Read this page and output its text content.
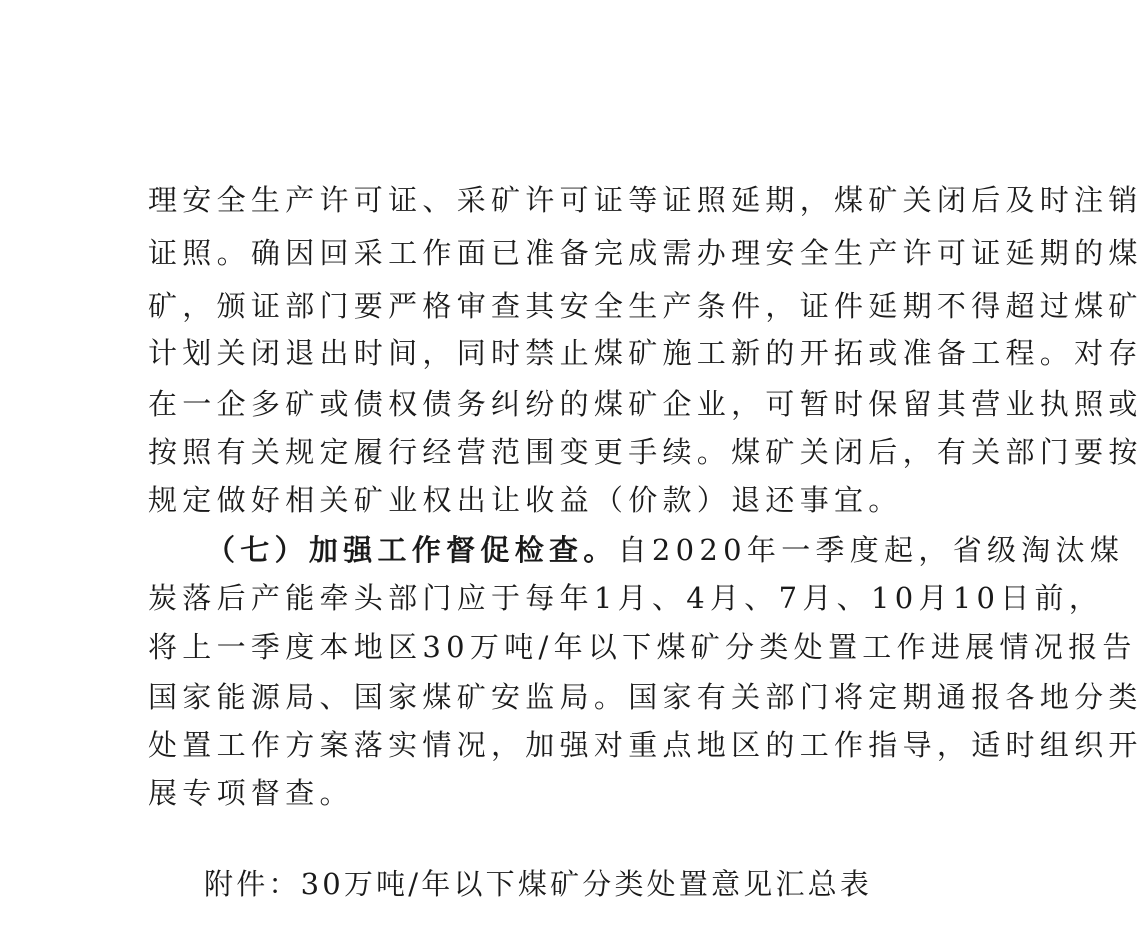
理安全生产许可证、采矿许可证等证照延期，煤矿关闭后及时注销
证照。确因回采工作面已准备完成需办理安全生产许可证延期的煤
矿，颁证部门要严格审查其安全生产条件，证件延期不得超过煤矿
计划关闭退出时间，同时禁止煤矿施工新的开拓或准备工程。对存
在一企多矿或债权债务纠纷的煤矿企业，可暂时保留其营业执照或
按照有关规定履行经营范围变更手续。煤矿关闭后，有关部门要按
规定做好相关矿业权出让收益（价款）退还事宜。
（七）加强工作督促检查。自2020年一季度起，省级淘汰煤
炭落后产能牵头部门应于每年1月、4月、7月、10月10日前，
将上一季度本地区30万吨/年以下煤矿分类处置工作进展情况报告
国家能源局、国家煤矿安监局。国家有关部门将定期通报各地分类
处置工作方案落实情况，加强对重点地区的工作指导，适时组织开
展专项督查。
附件：30万吨/年以下煤矿分类处置意见汇总表
